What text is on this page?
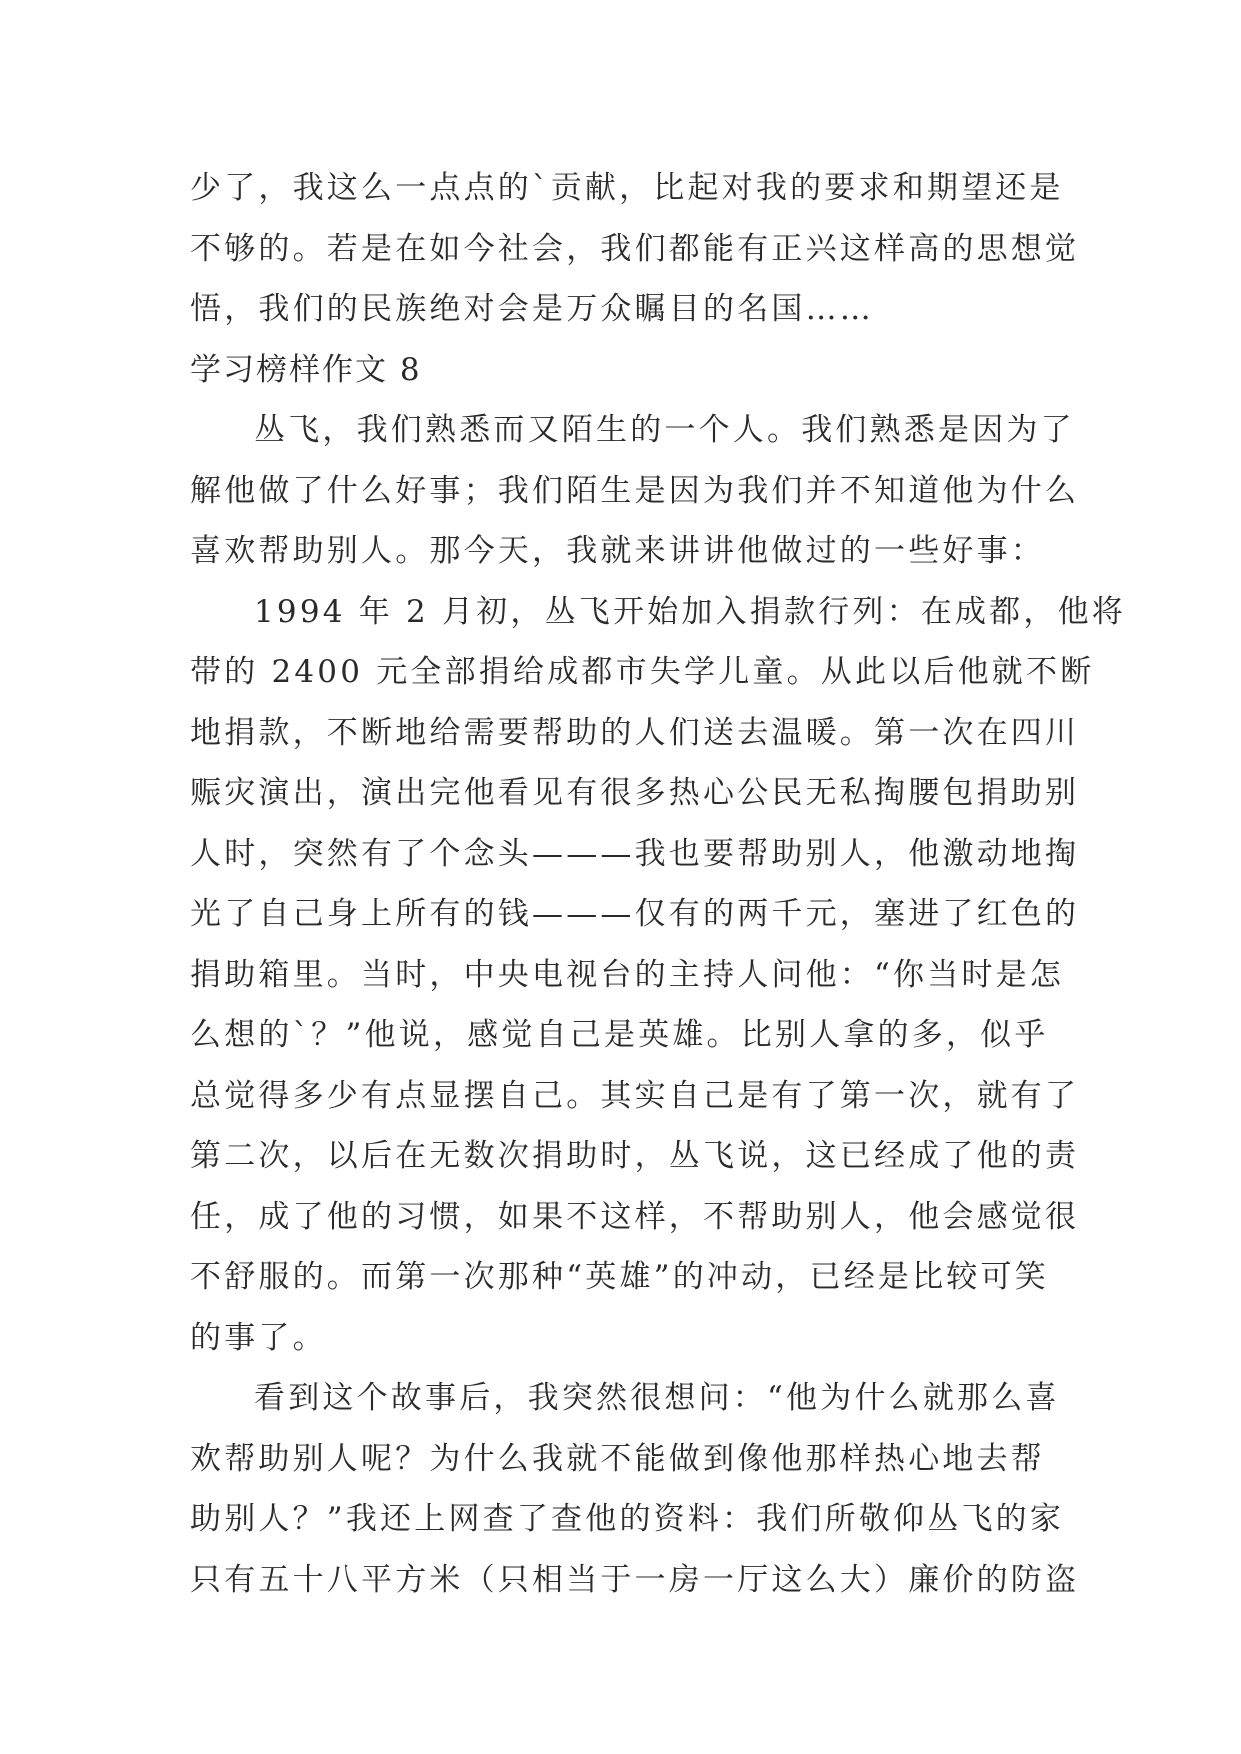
少了，我这么一点点的`贡献，比起对我的要求和期望还是
不够的。若是在如今社会，我们都能有正兴这样高的思想觉
悟，我们的民族绝对会是万众瞩目的名国……
学习榜样作文 8
丛飞，我们熟悉而又陌生的一个人。我们熟悉是因为了
解他做了什么好事；我们陌生是因为我们并不知道他为什么
喜欢帮助别人。那今天，我就来讲讲他做过的一些好事：
1994 年 2 月初，丛飞开始加入捐款行列：在成都，他将
带的 2400 元全部捐给成都市失学儿童。从此以后他就不断
地捐款，不断地给需要帮助的人们送去温暖。第一次在四川
赈灾演出，演出完他看见有很多热心公民无私掏腰包捐助别
人时，突然有了个念头———我也要帮助别人，他激动地掏
光了自己身上所有的钱———仅有的两千元，塞进了红色的
捐助箱里。当时，中央电视台的主持人问他：“你当时是怎
么想的`？”他说，感觉自己是英雄。比别人拿的多，似乎
总觉得多少有点显摆自己。其实自己是有了第一次，就有了
第二次，以后在无数次捐助时，丛飞说，这已经成了他的责
任，成了他的习惯，如果不这样，不帮助别人，他会感觉很
不舒服的。而第一次那种“英雄”的冲动，已经是比较可笑
的事了。
看到这个故事后，我突然很想问：“他为什么就那么喜
欢帮助别人呢？为什么我就不能做到像他那样热心地去帮
助别人？”我还上网查了查他的资料：我们所敬仰丛飞的家
只有五十八平方米（只相当于一房一厅这么大）廉价的防盗
